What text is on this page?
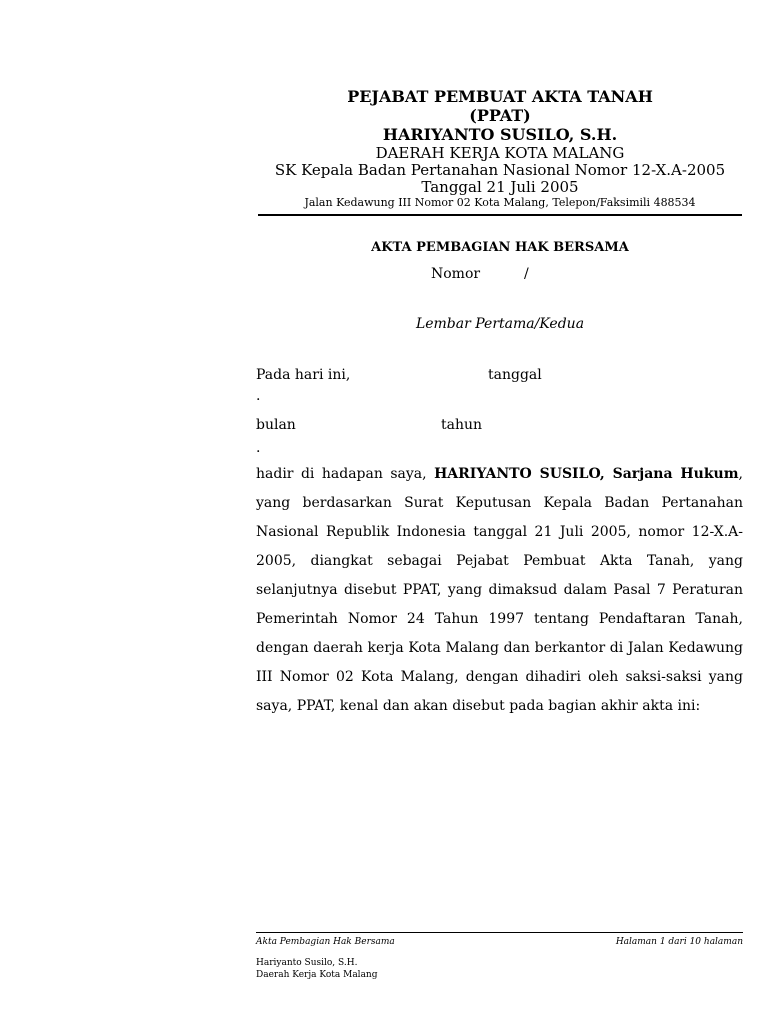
PEJABAT PEMBUAT AKTA TANAH
(PPAT)
HARIYANTO SUSILO, S.H.
DAERAH KERJA KOTA MALANG
SK Kepala Badan Pertanahan Nasional Nomor 12-X.A-2005
Tanggal 21 Juli 2005
Jalan Kedawung III Nomor 02 Kota Malang, Telepon/Faksimili 488534
AKTA PEMBAGIAN HAK BERSAMA
Nomor	/
Lembar Pertama/Kedua
Pada hari ini,	tanggal
.
bulan	tahun
.
hadir di hadapan saya, HARIYANTO SUSILO, Sarjana Hukum, yang berdasarkan Surat Keputusan Kepala Badan Pertanahan Nasional Republik Indonesia tanggal 21 Juli 2005, nomor 12-X.A-2005, diangkat sebagai Pejabat Pembuat Akta Tanah, yang selanjutnya disebut PPAT, yang dimaksud dalam Pasal 7 Peraturan Pemerintah Nomor 24 Tahun 1997 tentang Pendaftaran Tanah, dengan daerah kerja Kota Malang dan berkantor di Jalan Kedawung III Nomor 02 Kota Malang, dengan dihadiri oleh saksi-saksi yang saya, PPAT, kenal dan akan disebut pada bagian akhir akta ini:
Akta Pembagian Hak Bersama	Halaman 1 dari 10 halaman
Hariyanto Susilo, S.H.
Daerah Kerja Kota Malang
